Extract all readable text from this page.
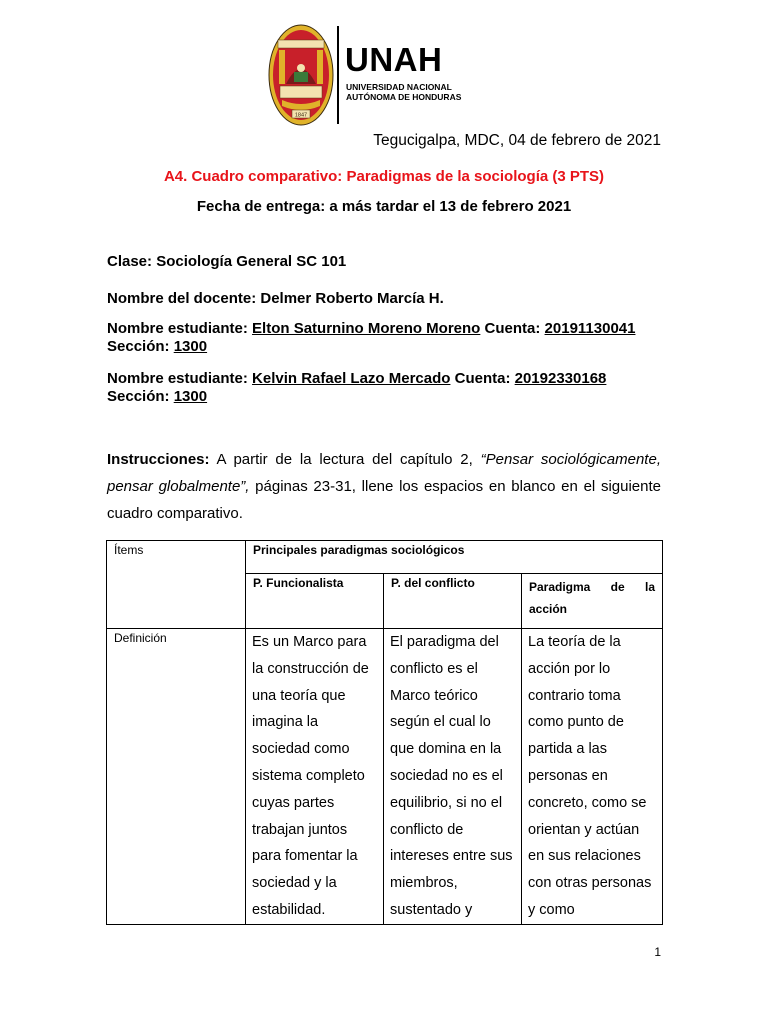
1847
UNAH
UNIVERSIDAD NACIONAL
AUTÓNOMA DE HONDURAS
Tegucigalpa, MDC, 04 de febrero de 2021
A4. Cuadro comparativo: Paradigmas de la sociología (3 PTS)
Fecha de entrega: a más tardar el 13 de febrero 2021
Clase: Sociología General SC 101
Nombre del docente: Delmer Roberto Marcía H.
Nombre estudiante: Elton Saturnino Moreno Moreno Cuenta: 20191130041
Sección: 1300
Nombre estudiante: Kelvin Rafael Lazo Mercado Cuenta: 20192330168
Sección: 1300
Instrucciones: A partir de la lectura del capítulo 2, “Pensar sociológicamente, pensar globalmente”, páginas 23-31, llene los espacios en blanco en el siguiente cuadro comparativo.
Ítems	Principales paradigmas sociológicos		
	P. Funcionalista	P. del conflicto	Paradigma de la acción

Definición	Es un Marco para la construcción de una teoría que imagina la sociedad como sistema completo cuyas partes trabajan juntos para fomentar la sociedad y la estabilidad.	El paradigma del conflicto es el Marco teórico según el cual lo que domina en la sociedad no es el equilibrio, si no el conflicto de intereses entre sus miembros, sustentado y	La teoría de la acción por lo contrario toma como punto de partida a las personas en concreto, como se orientan y actúan en sus relaciones con otras personas y como
1
